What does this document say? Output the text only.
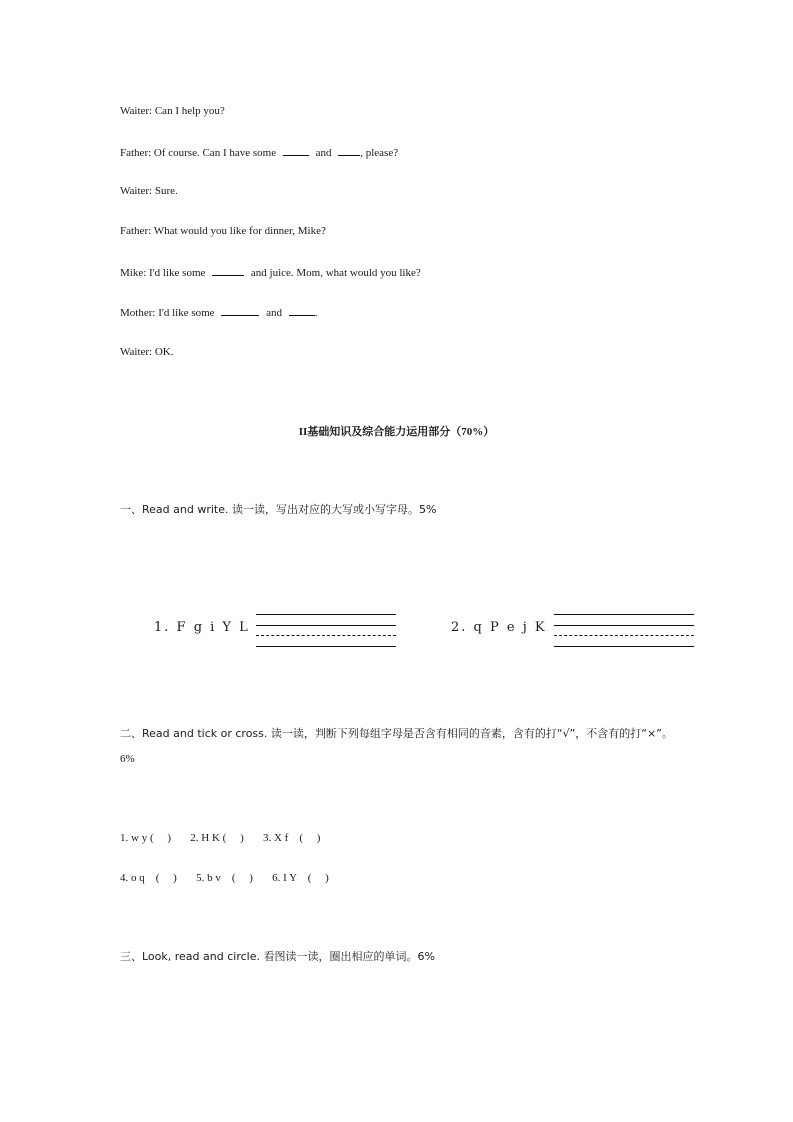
Waiter: Can I help you?
Father: Of course. Can I have some	and	, please?
Waiter: Sure.
Father: What would you like for dinner, Mike?
Mike: I'd like some	and juice. Mom, what would you like?
Mother: I'd like some	and	.
Waiter: OK.
II基础知识及综合能力运用部分（70%）
一、Read and write. 读一读，写出对应的大写或小写字母。5%
1. F g i Y L	2. q P e j K
二、Read and tick or cross. 读一读，判断下列每组字母是否含有相同的音素，含有的打“√”，不含有的打“×”。
6%
1. w y (     )       2. H K (     )       3. X f    (     )
4. o q    (     )       5. b v    (     )       6. I Y    (     )
三、Look, read and circle. 看图读一读，圈出相应的单词。6%
